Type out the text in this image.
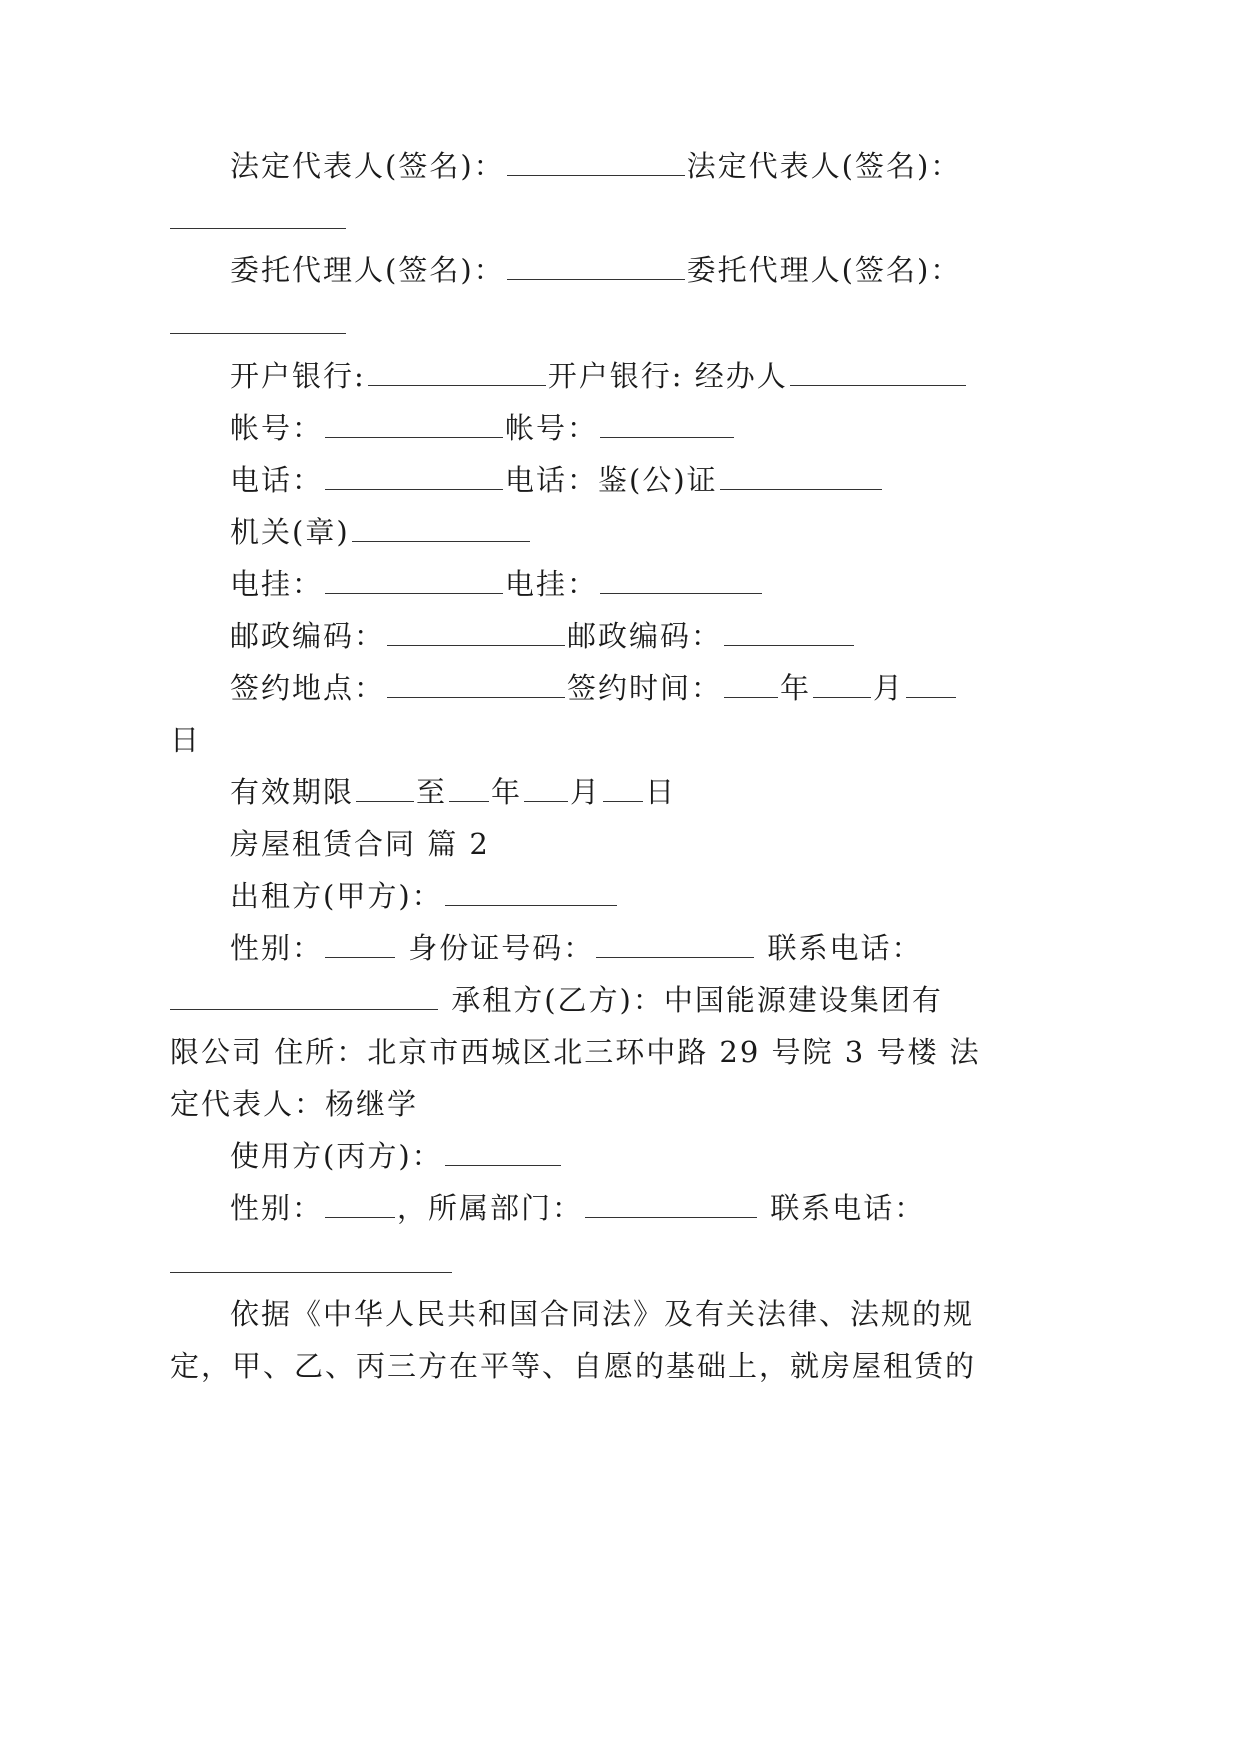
法定代表人(签名)：	法定代表人(签名)：
委托代理人(签名)：	委托代理人(签名)：
开户银行:	开户银行: 经办人
帐号：	帐号：
电话：	电话：鉴(公)证
机关(章)
电挂：	电挂：
邮政编码：	邮政编码：
签约地点：	签约时间： 年 月
日
有效期限 至 年 月 日
房屋租赁合同 篇 2
出租方(甲方)：
性别：	身份证号码：	联系电话：
承租方(乙方)：中国能源建设集团有
限公司 住所：北京市西城区北三环中路 29 号院 3 号楼 法
定代表人：杨继学
使用方(丙方)：
性别：	，所属部门：	联系电话：
依据《中华人民共和国合同法》及有关法律、法规的规
定，甲、乙、丙三方在平等、自愿的基础上，就房屋租赁的
